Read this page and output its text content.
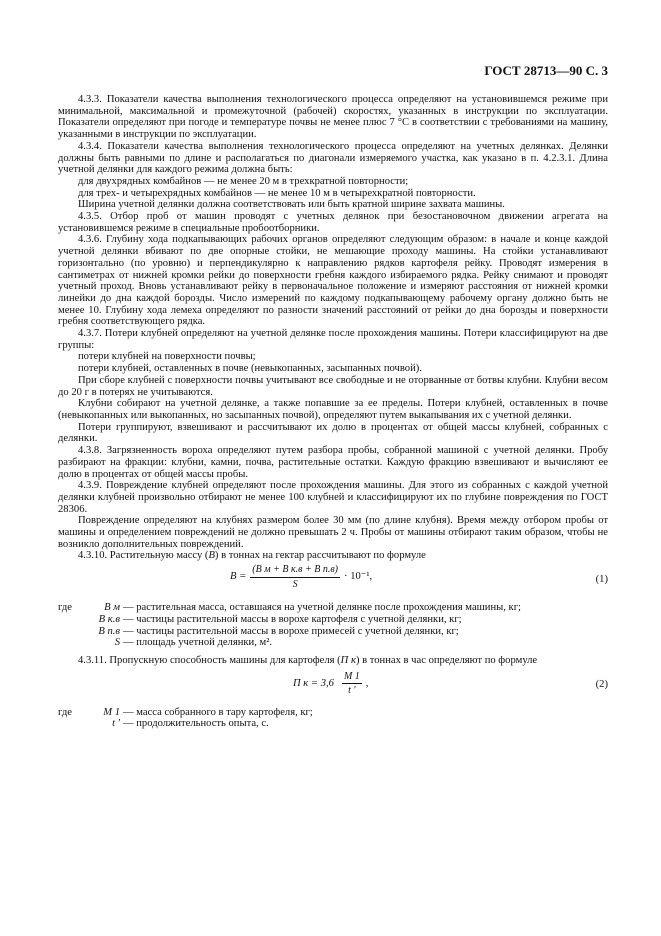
ГОСТ 28713—90 С. 3

4.3.3. Показатели качества выполнения технологического процесса определяют на установившемся режиме при минимальной, максимальной и промежуточной (рабочей) скоростях, указанных в инструкции по эксплуатации. Показатели определяют при погоде и температуре почвы не менее плюс 7 °С в соответствии с требованиями на машину, указанными в инструкции по эксплуатации.

4.3.4. Показатели качества выполнения технологического процесса определяют на учетных делянках. Делянки должны быть равными по длине и располагаться по диагонали измеряемого участка, как указано в п. 4.2.3.1. Длина учетной делянки для каждого режима должна быть:

для двухрядных комбайнов — не менее 20 м в трехкратной повторности;

для трех- и четырехрядных комбайнов — не менее 10 м в четырехкратной повторности.

Ширина учетной делянки должна соответствовать или быть кратной ширине захвата машины.

4.3.5. Отбор проб от машин проводят с учетных делянок при безостановочном движении агрегата на установившемся режиме в специальные пробоотборники.

4.3.6. Глубину хода подкапывающих рабочих органов определяют следующим образом: в начале и конце каждой учетной делянки вбивают по две опорные стойки, не мешающие проходу машины. На стойки устанавливают горизонтально (по уровню) и перпендикулярно к направлению рядков картофеля рейку. Проводят измерения в сантиметрах от нижней кромки рейки до поверхности гребня каждого избираемого рядка. Рейку снимают и проводят учетный проход. Вновь устанавливают рейку в первоначальное положение и измеряют расстояния от нижней кромки линейки до дна каждой борозды. Число измерений по каждому подкапывающему рабочему органу должно быть не менее 10. Глубину хода лемеха определяют по разности значений расстояний от рейки до дна борозды и поверхности гребня соответствующего рядка.

4.3.7. Потери клубней определяют на учетной делянке после прохождения машины. Потери классифицируют на две группы:

потери клубней на поверхности почвы;

потери клубней, оставленных в почве (невыкопанных, засыпанных почвой).

При сборе клубней с поверхности почвы учитывают все свободные и не оторванные от ботвы клубни. Клубни весом до 20 г в потерях не учитываются.

Клубни собирают на учетной делянке, а также попавшие за ее пределы. Потери клубней, оставленных в почве (невыкопанных или выкопанных, но засыпанных почвой), определяют путем выкапывания их с учетной делянки.

Потери группируют, взвешивают и рассчитывают их долю в процентах от общей массы клубней, собранных с делянки.

4.3.8. Загрязненность вороха определяют путем разбора пробы, собранной машиной с учетной делянки. Пробу разбирают на фракции: клубни, камни, почва, растительные остатки. Каждую фракцию взвешивают и вычисляют ее долю в процентах от общей массы пробы.

4.3.9. Повреждение клубней определяют после прохождения машины. Для этого из собранных с каждой учетной делянки клубней произвольно отбирают не менее 100 клубней и классифицируют их по глубине повреждения по ГОСТ 28306.

Повреждение определяют на клубнях размером более 30 мм (по длине клубня). Время между отбором пробы от машины и определением повреждений не должно превышать 2 ч. Пробы от машины отбирают таким образом, чтобы не возникло дополнительных повреждений.

4.3.10. Растительную массу (B) в тоннах на гектар рассчитывают по формуле

$B = \frac{\text{(B м + B к.в + B п.в)}}{S} \cdot 10^{-1}$,	(1)
где	B м — растительная масса, оставшаяся на учетной делянке после прохождения машины, кг;
B к.в — частицы растительной массы в ворохе картофеля с учетной делянки, кг;
B п.в — частицы растительной массы в ворохе примесей с учетной делянки, кг;
S — площадь учетной делянки, м².

4.3.11. Пропускную способность машины для картофеля (П к) в тоннах в час определяют по формуле

П $к = 3,6 \frac{M 1}{t '}$ ,	(2)
где	M 1 — масса собранного в тару картофеля, кг;
t ′ — продолжительность опыта, с.
